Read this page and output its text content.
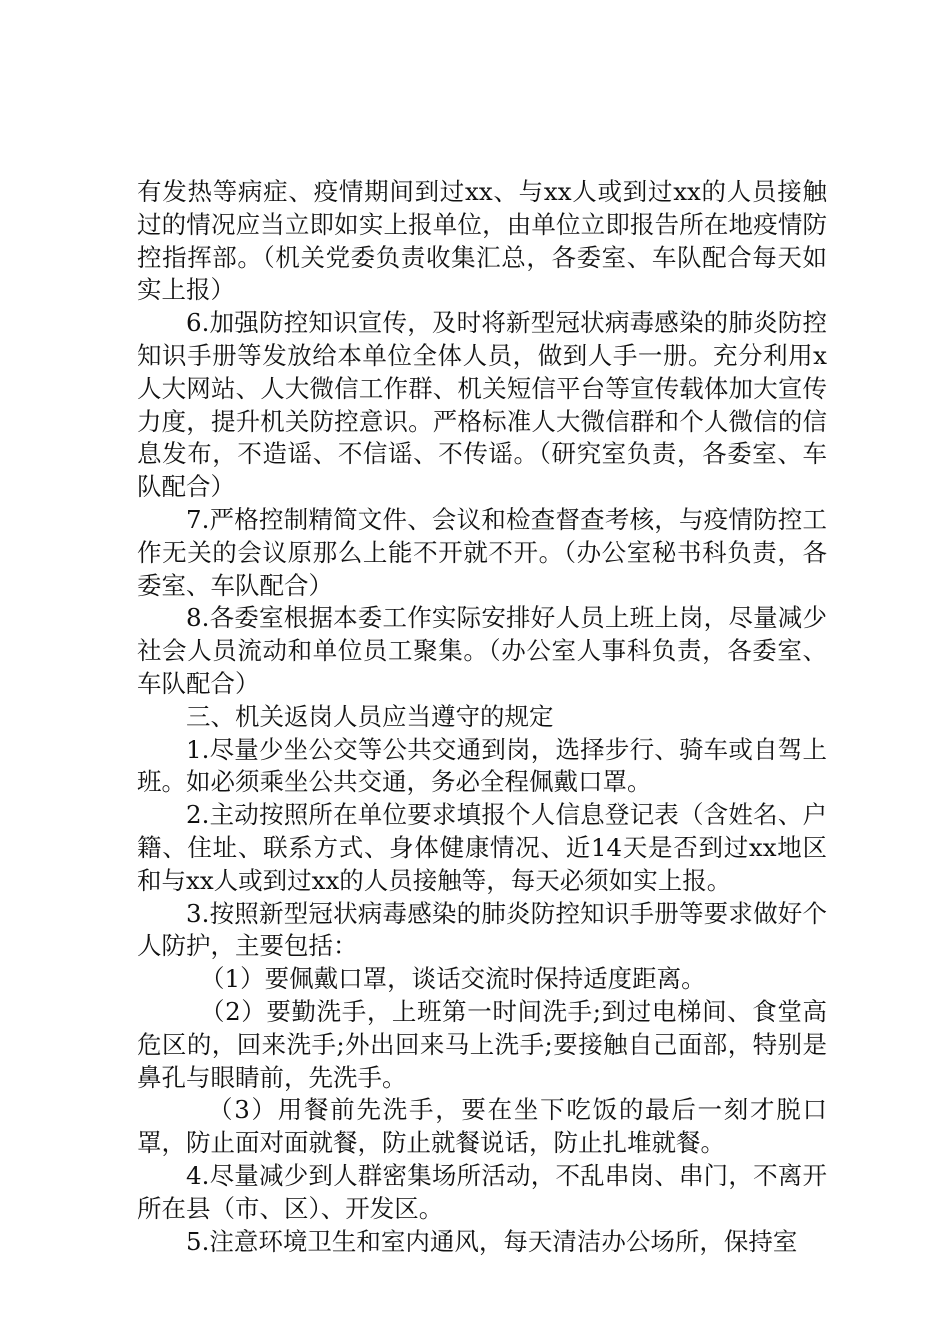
有发热等病症、疫情期间到过xx、与xx人或到过xx的人员接触过的情况应当立即如实上报单位，由单位立即报告所在地疫情防控指挥部。（机关党委负责收集汇总，各委室、车队配合每天如实上报）

6.加强防控知识宣传，及时将新型冠状病毒感染的肺炎防控知识手册等发放给本单位全体人员，做到人手一册。充分利用x人大网站、人大微信工作群、机关短信平台等宣传载体加大宣传力度，提升机关防控意识。严格标准人大微信群和个人微信的信息发布，不造谣、不信谣、不传谣。（研究室负责，各委室、车队配合）

7.严格控制精简文件、会议和检查督查考核，与疫情防控工作无关的会议原那么上能不开就不开。（办公室秘书科负责，各委室、车队配合）

8.各委室根据本委工作实际安排好人员上班上岗，尽量减少社会人员流动和单位员工聚集。（办公室人事科负责，各委室、车队配合）

三、机关返岗人员应当遵守的规定

1.尽量少坐公交等公共交通到岗，选择步行、骑车或自驾上班。如必须乘坐公共交通，务必全程佩戴口罩。

2.主动按照所在单位要求填报个人信息登记表（含姓名、户籍、住址、联系方式、身体健康情况、近14天是否到过xx地区和与xx人或到过xx的人员接触等，每天必须如实上报。

3.按照新型冠状病毒感染的肺炎防控知识手册等要求做好个人防护，主要包括：

（1）要佩戴口罩，谈话交流时保持适度距离。

（2）要勤洗手，上班第一时间洗手;到过电梯间、食堂高危区的，回来洗手;外出回来马上洗手;要接触自己面部，特别是鼻孔与眼睛前，先洗手。

（3）用餐前先洗手，要在坐下吃饭的最后一刻才脱口罩，防止面对面就餐，防止就餐说话，防止扎堆就餐。

4.尽量减少到人群密集场所活动，不乱串岗、串门，不离开所在县（市、区）、开发区。

5.注意环境卫生和室内通风，每天清洁办公场所，保持室
